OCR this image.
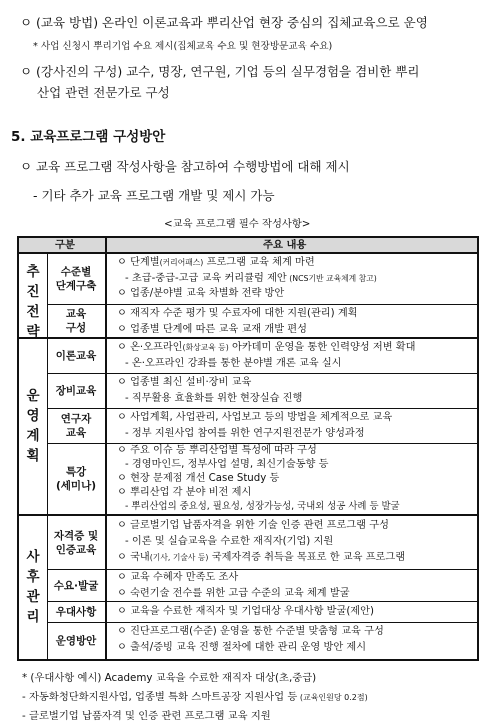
ㅇ (교육 방법) 온라인 이론교육과 뿌리산업 현장 중심의 집체교육으로 운영
* 사업 신청시 뿌리기업 수요 제시(집체교육 수요 및 현장방문교육 수요)
ㅇ (강사진의 구성) 교수, 명장, 연구원, 기업 등의 실무경험을 겸비한 뿌리
산업 관련 전문가로 구성
5. 교육프로그램 구성방안
ㅇ 교육 프로그램 작성사항을 참고하여 수행방법에 대해 제시
- 기타 추가 교육 프로그램 개발 및 제시 가능
<교육 프로그램 필수 작성사항>
구분	주요 내용
추진전략
운영계획
사후관리
수준별
단계구축
ㅇ 단계별(커리어패스) 프로그램 교육 체계 마련
- 초급-중급-고급 교육 커리큘럼 제안 (NCS기반 교육체계 참고)
ㅇ 업종/분야별 교육 차별화 전략 방안
교육
구성
ㅇ 재직자 수준 평가 및 수료자에 대한 지원(관리) 계획
ㅇ 업종별 단계에 따른 교육 교재 개발 편성
이론교육
ㅇ 온·오프라인(화상교육 등) 아카데미 운영을 통한 인력양성 저변 확대
- 온·오프라인 강좌를 통한 분야별 개론 교육 실시
장비교육
ㅇ 업종별 최신 설비·장비 교육
- 직무활용 효율화를 위한 현장실습 진행
연구자
교육
ㅇ 사업계획, 사업관리, 사업보고 등의 방법을 체계적으로 교육
- 정부 지원사업 참여를 위한 연구지원전문가 양성과정
특강
(세미나)
ㅇ 주요 이슈 등 뿌리산업별 특성에 따라 구성
- 경영마인드, 정부사업 설명, 최신기술동향 등
ㅇ 현장 문제점 개선 Case Study 등
ㅇ 뿌리산업 각 분야 비전 제시
- 뿌리산업의 중요성, 필요성, 성장가능성, 국내외 성공 사례 등 발굴
자격증 및
인증교육
ㅇ 글로벌기업 납품자격을 위한 기술 인증 관련 프로그램 구성
- 이론 및 실습교육을 수료한 재직자(기업) 지원
ㅇ 국내(기사, 기술사 등) 국제자격증 취득을 목표로 한 교육 프로그램
수요·발굴
ㅇ 교육 수혜자 만족도 조사
ㅇ 숙련기술 전수를 위한 고급 수준의 교육 체계 발굴
우대사항 ㅇ 교육을 수료한 재직자 및 기업대상 우대사항 발굴(제안)
운영방안
ㅇ 진단프로그램(수준) 운영을 통한 수준별 맞춤형 교육 구성
ㅇ 출석/증빙 교육 진행 절차에 대한 관리 운영 방안 제시
* (우대사항 예시) Academy 교육을 수료한 재직자 대상(초,중급)
- 자동화청단화지원사업, 업종별 특화 스마트공장 지원사업 등 (교육인원당 0.2점)
- 글로벌기업 납품자격 및 인증 관련 프로그램 교육 지원
